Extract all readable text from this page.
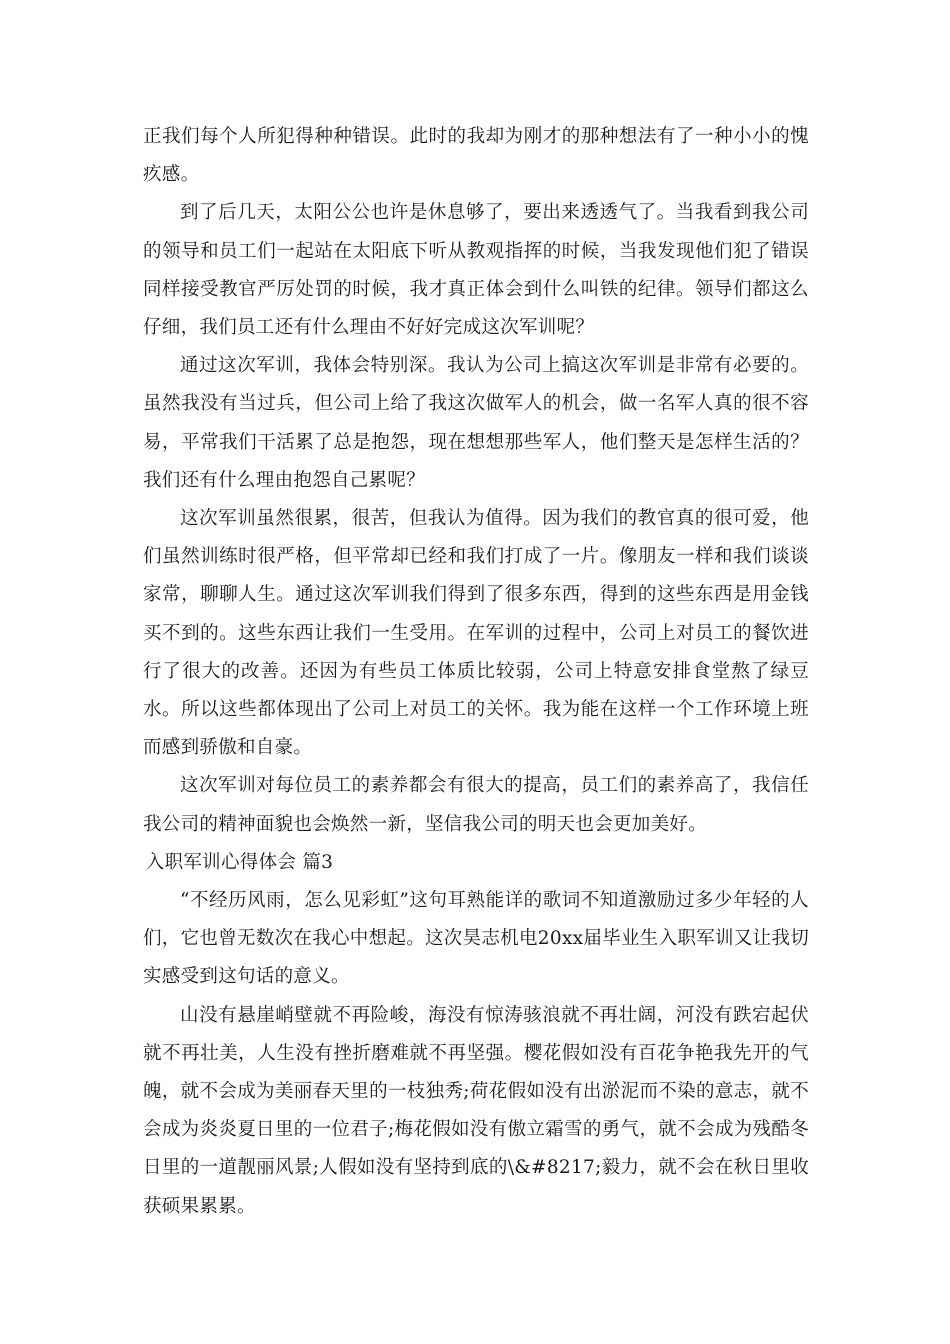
正我们每个人所犯得种种错误。此时的我却为刚才的那种想法有了一种小小的愧疚感。

到了后几天，太阳公公也许是休息够了，要出来透透气了。当我看到我公司的领导和员工们一起站在太阳底下听从教观指挥的时候，当我发现他们犯了错误同样接受教官严厉处罚的时候，我才真正体会到什么叫铁的纪律。领导们都这么仔细，我们员工还有什么理由不好好完成这次军训呢？

通过这次军训，我体会特别深。我认为公司上搞这次军训是非常有必要的。虽然我没有当过兵，但公司上给了我这次做军人的机会，做一名军人真的很不容易，平常我们干活累了总是抱怨，现在想想那些军人，他们整天是怎样生活的？我们还有什么理由抱怨自己累呢？

这次军训虽然很累，很苦，但我认为值得。因为我们的教官真的很可爱，他们虽然训练时很严格，但平常却已经和我们打成了一片。像朋友一样和我们谈谈家常，聊聊人生。通过这次军训我们得到了很多东西，得到的这些东西是用金钱买不到的。这些东西让我们一生受用。在军训的过程中，公司上对员工的餐饮进行了很大的改善。还因为有些员工体质比较弱，公司上特意安排食堂熬了绿豆水。所以这些都体现出了公司上对员工的关怀。我为能在这样一个工作环境上班而感到骄傲和自豪。

这次军训对每位员工的素养都会有很大的提高，员工们的素养高了，我信任我公司的精神面貌也会焕然一新，坚信我公司的明天也会更加美好。

入职军训心得体会 篇3

“不经历风雨，怎么见彩虹”这句耳熟能详的歌词不知道激励过多少年轻的人们，它也曾无数次在我心中想起。这次昊志机电20xx届毕业生入职军训又让我切实感受到这句话的意义。

山没有悬崖峭壁就不再险峻，海没有惊涛骇浪就不再壮阔，河没有跌宕起伏就不再壮美，人生没有挫折磨难就不再坚强。樱花假如没有百花争艳我先开的气魄，就不会成为美丽春天里的一枝独秀;荷花假如没有出淤泥而不染的意志，就不会成为炎炎夏日里的一位君子;梅花假如没有傲立霜雪的勇气，就不会成为残酷冬日里的一道靓丽风景;人假如没有坚持到底的\&#8217;毅力，就不会在秋日里收获硕果累累。
